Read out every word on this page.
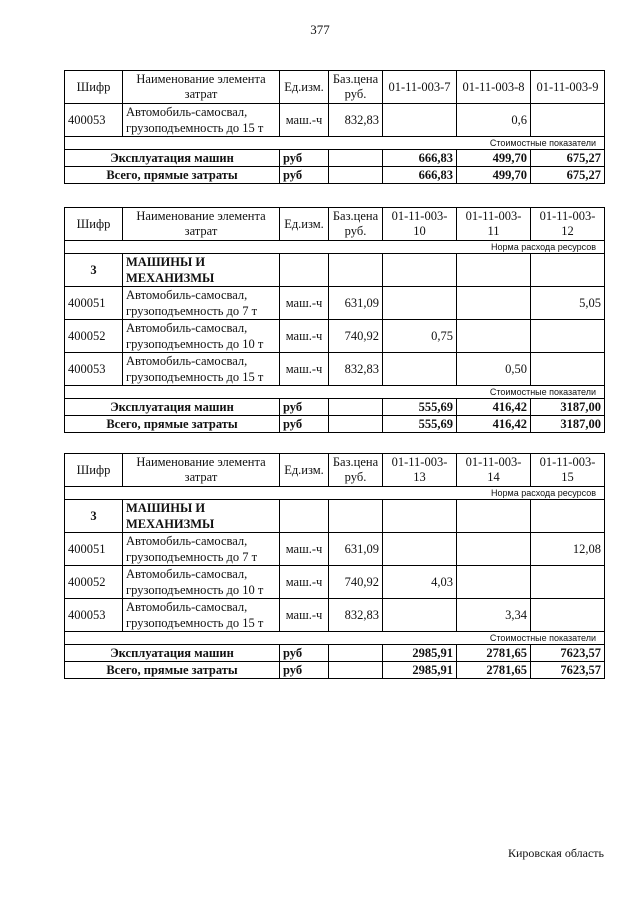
377
Шифр	Наименование элемента затрат	Ед.изм.	Баз.цена руб.	01-11-003-7	01-11-003-8	01-11-003-9
400053	Автомобиль-самосвал, грузоподъемность до 15 т	маш.-ч	832,83		0,6	
Стоимостные показатели						
Эксплуатация машин		руб		666,83	499,70	675,27
Всего, прямые затраты		руб		666,83	499,70	675,27
Шифр	Наименование элемента затрат	Ед.изм.	Баз.цена руб.	01-11-003-10	01-11-003-11	01-11-003-12
Норма расхода ресурсов						
3	МАШИНЫ И МЕХАНИЗМЫ					
400051	Автомобиль-самосвал, грузоподъемность до 7 т	маш.-ч	631,09			5,05
400052	Автомобиль-самосвал, грузоподъемность до 10 т	маш.-ч	740,92	0,75		
400053	Автомобиль-самосвал, грузоподъемность до 15 т	маш.-ч	832,83		0,50	
Стоимостные показатели						
Эксплуатация машин		руб		555,69	416,42	3187,00
Всего, прямые затраты		руб		555,69	416,42	3187,00
Шифр	Наименование элемента затрат	Ед.изм.	Баз.цена руб.	01-11-003-13	01-11-003-14	01-11-003-15
Норма расхода ресурсов						
3	МАШИНЫ И МЕХАНИЗМЫ					
400051	Автомобиль-самосвал, грузоподъемность до 7 т	маш.-ч	631,09			12,08
400052	Автомобиль-самосвал, грузоподъемность до 10 т	маш.-ч	740,92	4,03		
400053	Автомобиль-самосвал, грузоподъемность до 15 т	маш.-ч	832,83		3,34	
Стоимостные показатели						
Эксплуатация машин		руб		2985,91	2781,65	7623,57
Всего, прямые затраты		руб		2985,91	2781,65	7623,57
Кировская область
